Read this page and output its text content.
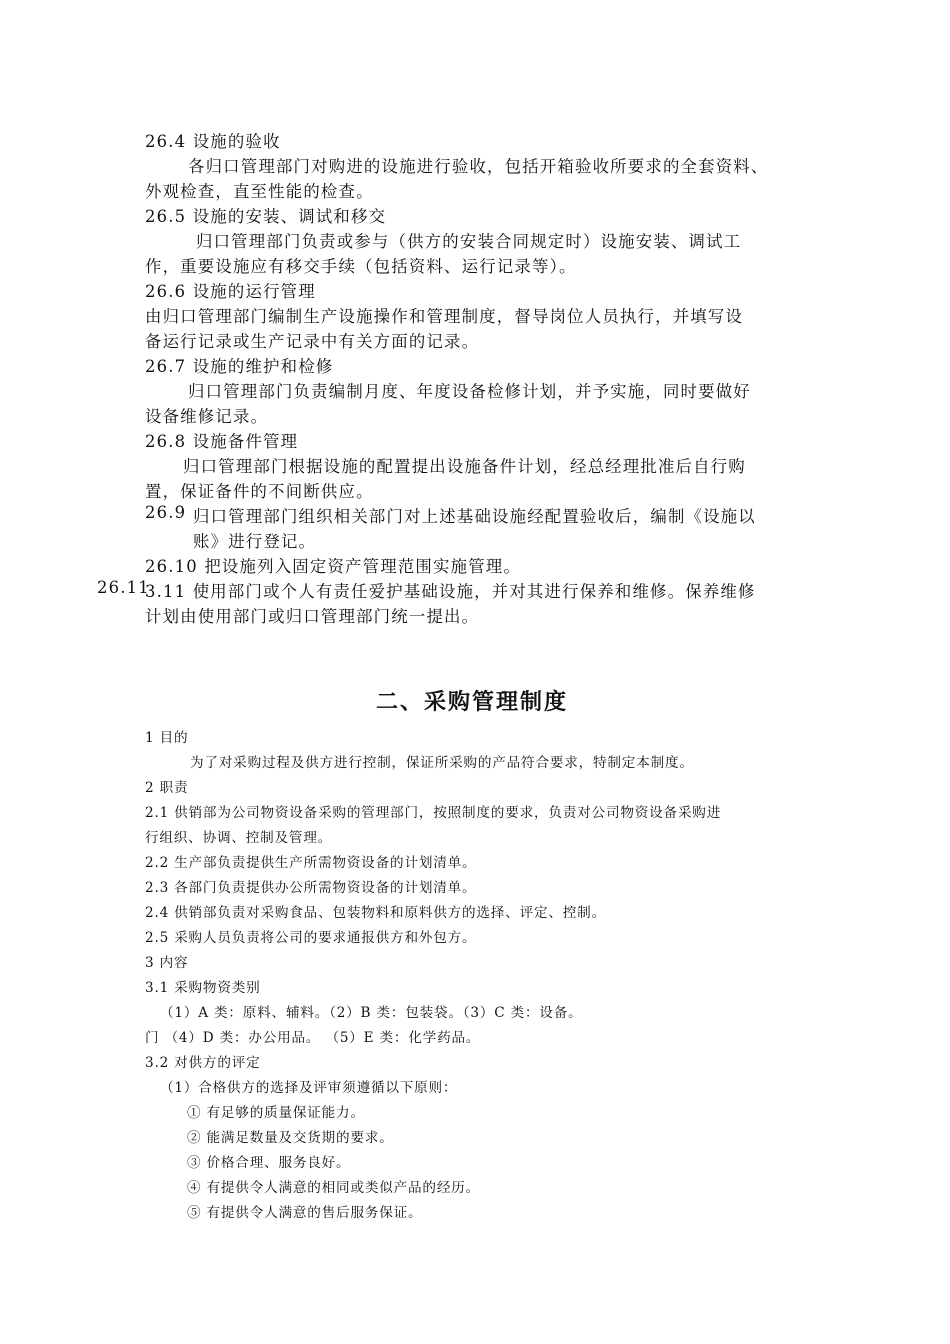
26.4 设施的验收
各归口管理部门对购进的设施进行验收，包括开箱验收所要求的全套资料、
外观检查，直至性能的检查。
26.5 设施的安装、调试和移交
归口管理部门负责或参与（供方的安装合同规定时）设施安装、调试工
作，重要设施应有移交手续（包括资料、运行记录等）。
26.6 设施的运行管理
由归口管理部门编制生产设施操作和管理制度，督导岗位人员执行，并填写设
备运行记录或生产记录中有关方面的记录。
26.7 设施的维护和检修
归口管理部门负责编制月度、年度设备检修计划，并予实施，同时要做好
设备维修记录。
26.8 设施备件管理
归口管理部门根据设施的配置提出设施备件计划，经总经理批准后自行购
置，保证备件的不间断供应。
26.9 归口管理部门组织相关部门对上述基础设施经配置验收后，编制《设施以
账》进行登记。
26.10 把设施列入固定资产管理范围实施管理。
26.11
3.11 使用部门或个人有责任爱护基础设施，并对其进行保养和维修。保养维修
计划由使用部门或归口管理部门统一提出。
二、采购管理制度
1 目的
为了对采购过程及供方进行控制，保证所采购的产品符合要求，特制定本制度。
2 职责
2.1 供销部为公司物资设备采购的管理部门，按照制度的要求，负责对公司物资设备采购进
行组织、协调、控制及管理。
2.2 生产部负责提供生产所需物资设备的计划清单。
2.3 各部门负责提供办公所需物资设备的计划清单。
2.4 供销部负责对采购食品、包装物料和原料供方的选择、评定、控制。
2.5 采购人员负责将公司的要求通报供方和外包方。
3 内容
3.1 采购物资类别
（1）A 类：原料、辅料。（2）B 类：包装袋。（3）C 类：设备。
门 （4）D 类：办公用品。 （5）E 类：化学药品。
3.2 对供方的评定
（1）合格供方的选择及评审须遵循以下原则：
① 有足够的质量保证能力。
② 能满足数量及交货期的要求。
③ 价格合理、服务良好。
④ 有提供令人满意的相同或类似产品的经历。
⑤ 有提供令人满意的售后服务保证。
